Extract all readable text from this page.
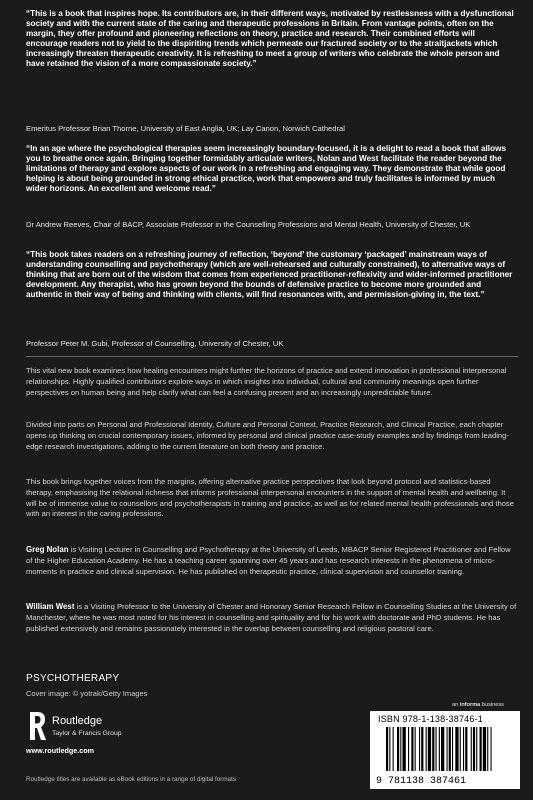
“This is a book that inspires hope. Its contributors are, in their different ways, motivated by restlessness with a dysfunctional society and with the current state of the caring and therapeutic professions in Britain. From vantage points, often on the margin, they offer profound and pioneering reflections on theory, practice and research. Their combined efforts will encourage readers not to yield to the dispiriting trends which permeate our fractured society or to the straitjackets which increasingly threaten therapeutic creativity. It is refreshing to meet a group of writers who celebrate the whole person and have retained the vision of a more compassionate society.”

Emeritus Professor Brian Thorne, University of East Anglia, UK; Lay Canon, Norwich Cathedral

“In an age where the psychological therapies seem increasingly boundary-focused, it is a delight to read a book that allows you to breathe once again. Bringing together formidably articulate writers, Nolan and West facilitate the reader beyond the limitations of therapy and explore aspects of our work in a refreshing and engaging way. They demonstrate that while good helping is about being grounded in strong ethical practice, work that empowers and truly facilitates is informed by much wider horizons. An excellent and welcome read.”

Dr Andrew Reeves, Chair of BACP, Associate Professor in the Counselling Professions and Mental Health, University of Chester, UK

“This book takes readers on a refreshing journey of reflection, ‘beyond’ the customary ‘packaged’ mainstream ways of understanding counselling and psychotherapy (which are well-rehearsed and culturally constrained), to alternative ways of thinking that are born out of the wisdom that comes from experienced practitioner-reflexivity and wider-informed practitioner development. Any therapist, who has grown beyond the bounds of defensive practice to become more grounded and authentic in their way of being and thinking with clients, will find resonances with, and permission-giving in, the text.”

Professor Peter M. Gubi, Professor of Counselling, University of Chester, UK

This vital new book examines how healing encounters might further the horizons of practice and extend innovation in professional interpersonal relationships. Highly qualified contributors explore ways in which insights into individual, cultural and community meanings open further perspectives on human being and help clarify what can feel a confusing present and an increasingly unpredictable future.

Divided into parts on Personal and Professional Identity, Culture and Personal Context, Practice Research, and Clinical Practice, each chapter opens up thinking on crucial contemporary issues, informed by personal and clinical practice case-study examples and by findings from leading-edge research investigations, adding to the current literature on both theory and practice.

This book brings together voices from the margins, offering alternative practice perspectives that look beyond protocol and statistics-based therapy, emphasising the relational richness that informs professional interpersonal encounters in the support of mental health and wellbeing. It will be of immense value to counsellors and psychotherapists in training and practice, as well as for related mental health professionals and those with an interest in the caring professions.

Greg Nolan is Visiting Lecturer in Counselling and Psychotherapy at the University of Leeds, MBACP Senior Registered Practitioner and Fellow of the Higher Education Academy. He has a teaching career spanning over 45 years and has research interests in the phenomena of micro-moments in practice and clinical supervision. He has published on therapeutic practice, clinical supervision and counsellor training.

William West is a Visiting Professor to the University of Chester and Honorary Senior Research Fellow in Counselling Studies at the University of Manchester, where he was most noted for his interest in counselling and spirituality and for his work with doctorate and PhD students. He has published extensively and remains passionately interested in the overlap between counselling and religious pastoral care.

PSYCHOTHERAPY
Cover image: © yotrak/Getty Images
Routledge
Taylor & Francis Group
www.routledge.com
an informa business
ISBN 978-1-138-38746-1
9 781138 387461
Routledge titles are available as eBook editions in a range of digital formats
